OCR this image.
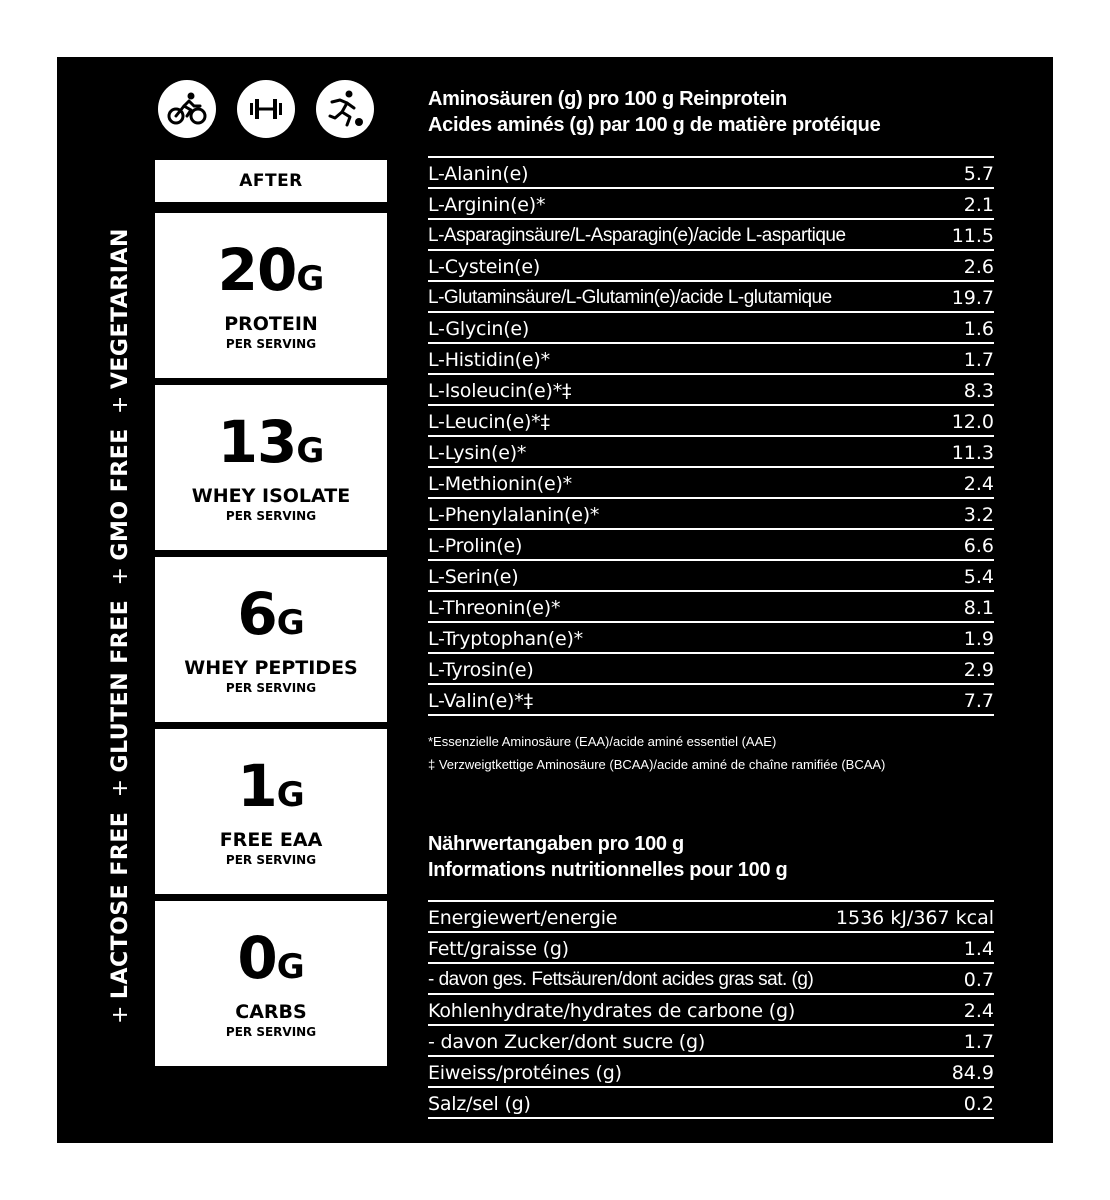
+LACTOSE FREE +GLUTEN FREE +GMO FREE +VEGETARIAN
AFTER
20G
PROTEIN
PER SERVING
13G
WHEY ISOLATE
PER SERVING
6G
WHEY PEPTIDES
PER SERVING
1G
FREE EAA
PER SERVING
0G
CARBS
PER SERVING
Aminosäuren (g) pro 100 g Reinprotein
Acides aminés (g) par 100 g de matière protéique
L-Alanin(e)	5.7
L-Arginin(e)*	2.1
L-Asparaginsäure/L-Asparagin(e)/acide L-aspartique	11.5
L-Cystein(e)	2.6
L-Glutaminsäure/L-Glutamin(e)/acide L-glutamique	19.7
L-Glycin(e)	1.6
L-Histidin(e)*	1.7
L-Isoleucin(e)*‡	8.3
L-Leucin(e)*‡	12.0
L-Lysin(e)*	11.3
L-Methionin(e)*	2.4
L-Phenylalanin(e)*	3.2
L-Prolin(e)	6.6
L-Serin(e)	5.4
L-Threonin(e)*	8.1
L-Tryptophan(e)*	1.9
L-Tyrosin(e)	2.9
L-Valin(e)*‡	7.7
*Essenzielle Aminosäure (EAA)/acide aminé essentiel (AAE)
‡ Verzweigtkettige Aminosäure (BCAA)/acide aminé de chaîne ramifiée (BCAA)
Nährwertangaben pro 100 g
Informations nutritionnelles pour 100 g
Energiewert/energie	1536 kJ/367 kcal
Fett/graisse (g)	1.4
- davon ges. Fettsäuren/dont acides gras sat. (g)	0.7
Kohlenhydrate/hydrates de carbone (g)	2.4
- davon Zucker/dont sucre (g)	1.7
Eiweiss/protéines (g)	84.9
Salz/sel (g)	0.2
